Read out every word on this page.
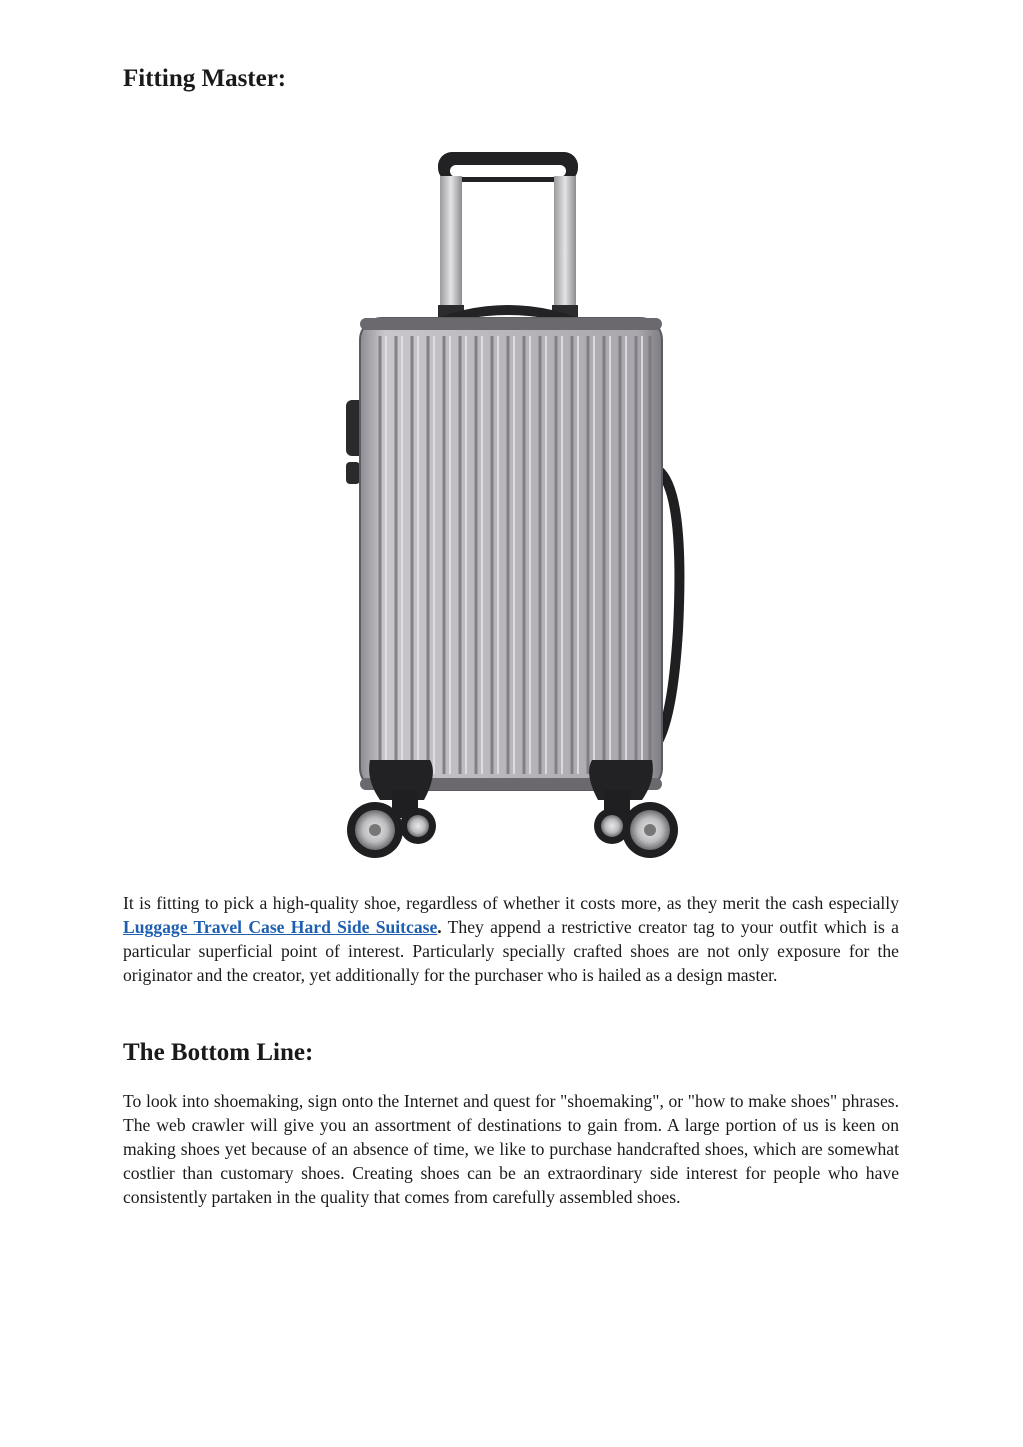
Fitting Master:

It is fitting to pick a high-quality shoe, regardless of whether it costs more, as they merit the cash especially Luggage Travel Case Hard Side Suitcase. They append a restrictive creator tag to your outfit which is a particular superficial point of interest. Particularly specially crafted shoes are not only exposure for the originator and the creator, yet additionally for the purchaser who is hailed as a design master.

The Bottom Line:

To look into shoemaking, sign onto the Internet and quest for "shoemaking", or "how to make shoes" phrases. The web crawler will give you an assortment of destinations to gain from. A large portion of us is keen on making shoes yet because of an absence of time, we like to purchase handcrafted shoes, which are somewhat costlier than customary shoes. Creating shoes can be an extraordinary side interest for people who have consistently partaken in the quality that comes from carefully assembled shoes.
